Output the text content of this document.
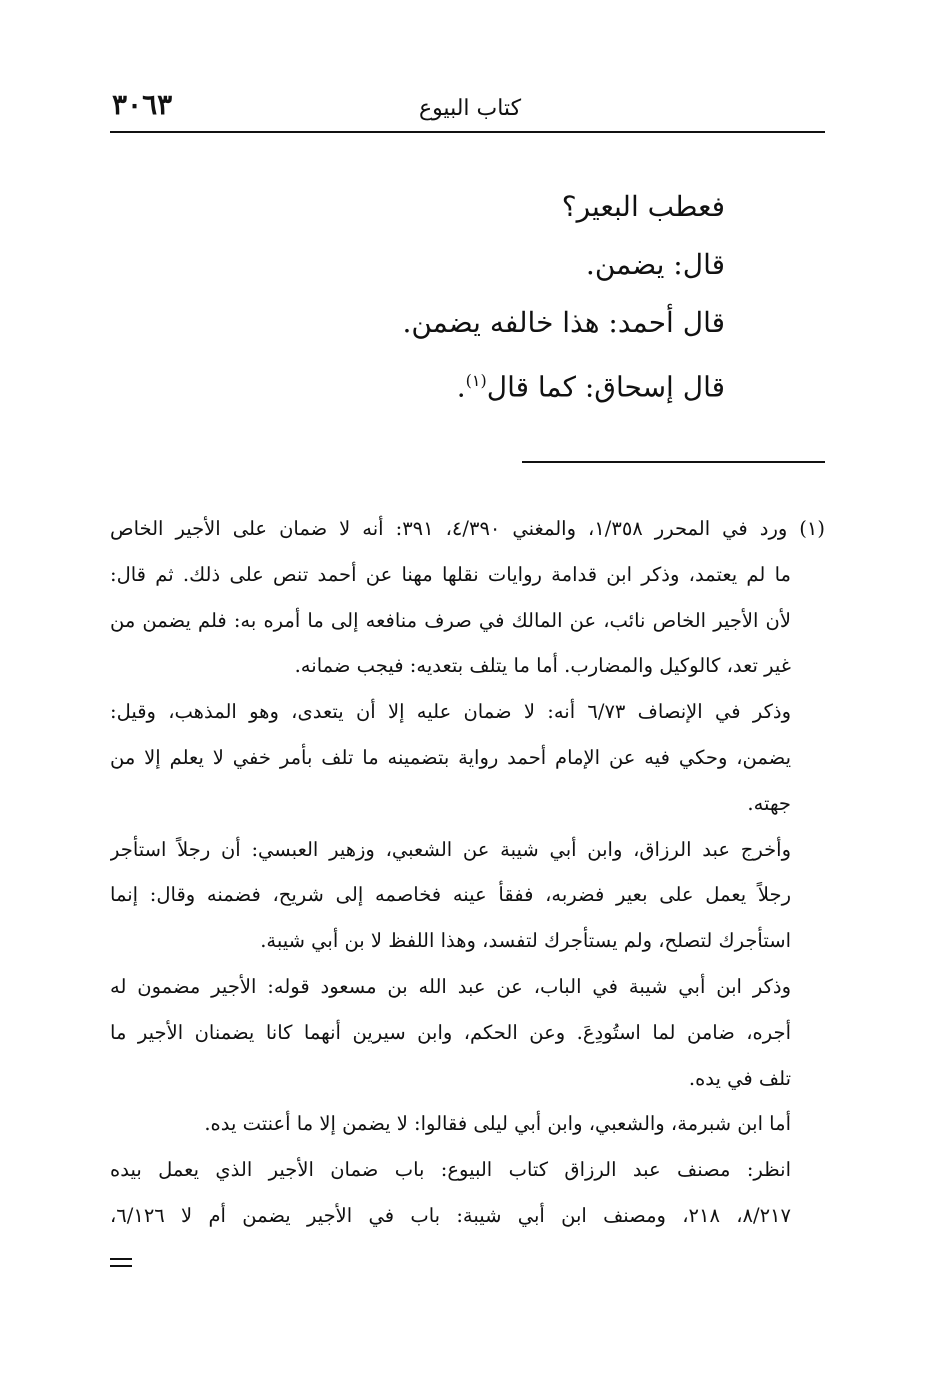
٣٠٦٣	كتاب البيوع
فعطب البعير؟
قال: يضمن.
قال أحمد: هذا خالفه يضمن.
قال إسحاق: كما قال$^{(١)}$.
(١) ورد في المحرر ١/٣٥٨، والمغني ٤/٣٩٠، ٣٩١: أنه لا ضمان على الأجير الخاص
ما لم يعتمد، وذكر ابن قدامة روايات نقلها مهنا عن أحمد تنص على ذلك. ثم قال:
لأن الأجير الخاص نائب، عن المالك في صرف منافعه إلى ما أمره به: فلم يضمن من
غير تعد، كالوكيل والمضارب. أما ما يتلف بتعديه: فيجب ضمانه.
وذكر في الإنصاف ٦/٧٣ أنه: لا ضمان عليه إلا أن يتعدى، وهو المذهب، وقيل:
يضمن، وحكي فيه عن الإمام أحمد رواية بتضمينه ما تلف بأمر خفي لا يعلم إلا من
جهته.
وأخرج عبد الرزاق، وابن أبي شيبة عن الشعبي، وزهير العبسي: أن رجلاً استأجر
رجلاً يعمل على بعير فضربه، ففقأ عينه فخاصمه إلى شريح، فضمنه وقال: إنما
استأجرك لتصلح، ولم يستأجرك لتفسد، وهذا اللفظ لا بن أبي شيبة.
وذكر ابن أبي شيبة في الباب، عن عبد الله بن مسعود قوله: الأجير مضمون له
أجره، ضامن لما استُودِعَ. وعن الحكم، وابن سيرين أنهما كانا يضمنان الأجير ما
تلف في يده.
أما ابن شبرمة، والشعبي، وابن أبي ليلى فقالوا: لا يضمن إلا ما أعنتت يده.
انظر: مصنف عبد الرزاق كتاب البيوع: باب ضمان الأجير الذي يعمل بيده
٨/٢١٧، ٢١٨، ومصنف ابن أبي شيبة: باب في الأجير يضمن أم لا ٦/١٢٦،
